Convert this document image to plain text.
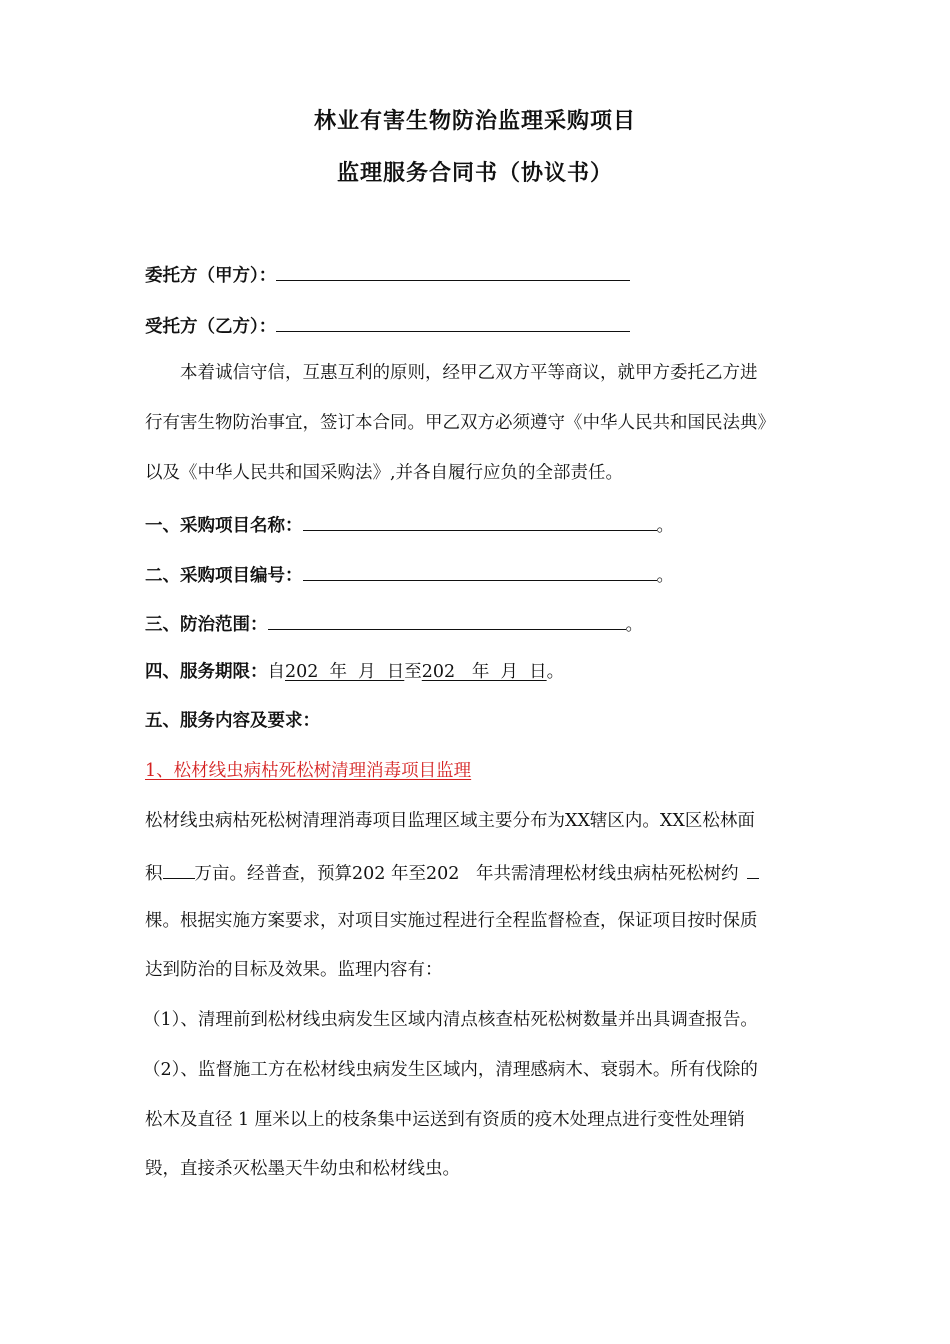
林业有害生物防治监理采购项目
监理服务合同书（协议书）
委托方（甲方）：
受托方（乙方）：
本着诚信守信，互惠互利的原则，经甲乙双方平等商议，就甲方委托乙方进
行有害生物防治事宜，签订本合同。甲乙双方必须遵守《中华人民共和国民法典》
以及《中华人民共和国采购法》,并各自履行应负的全部责任。
一、采购项目名称：	。
二、采购项目编号：	。
三、防治范围：	。
四、服务期限：自202  年  月  日至202   年  月  日。
五、服务内容及要求：
1、松材线虫病枯死松树清理消毒项目监理
松材线虫病枯死松树清理消毒项目监理区域主要分布为XX辖区内。XX区松林面
积 万亩。经普查，预算202 年至202   年共需清理松材线虫病枯死松树约
棵。根据实施方案要求，对项目实施过程进行全程监督检查，保证项目按时保质
达到防治的目标及效果。监理内容有：
（1）、清理前到松材线虫病发生区域内清点核查枯死松树数量并出具调查报告。
（2）、监督施工方在松材线虫病发生区域内，清理感病木、衰弱木。所有伐除的
松木及直径 1 厘米以上的枝条集中运送到有资质的疫木处理点进行变性处理销
毁，直接杀灭松墨天牛幼虫和松材线虫。
